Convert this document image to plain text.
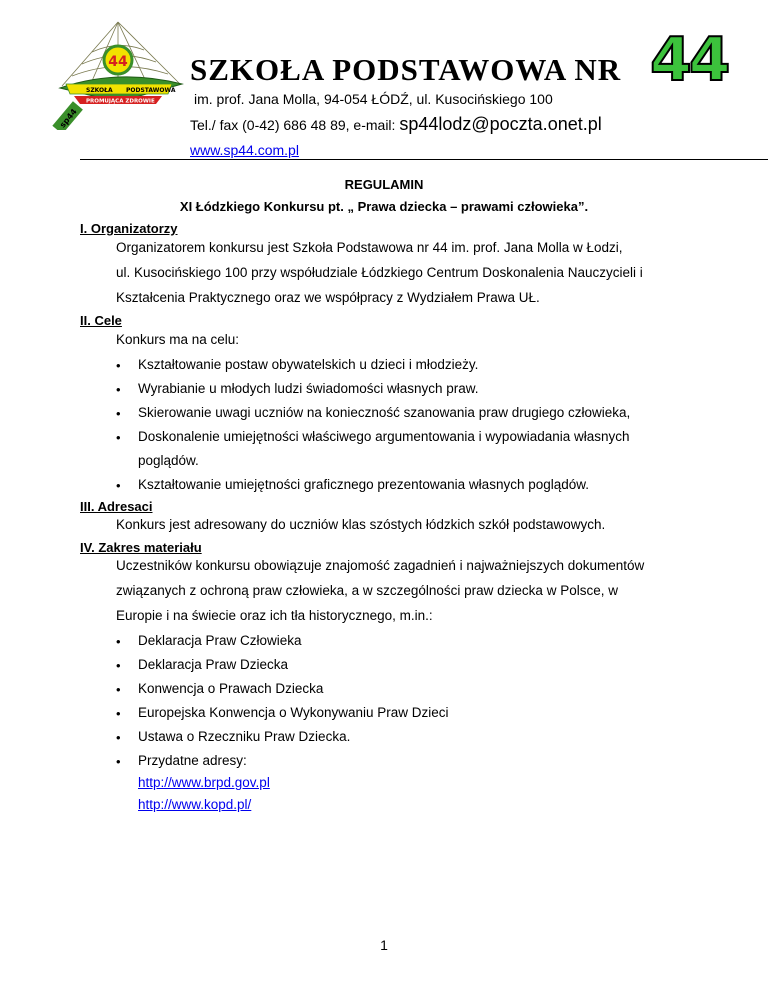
44
SZKOŁA PODSTAWOWA
PROMUJĄCA ZDROWIE
sp44
SZKOŁA PODSTAWOWA NR 44
im. prof. Jana Molla, 94-054 ŁÓDŹ, ul. Kusocińskiego 100
Tel./ fax (0-42) 686 48 89, e-mail: sp44lodz@poczta.onet.pl
www.sp44.com.pl
REGULAMIN
XI Łódzkiego Konkursu pt. „ Prawa dziecka – prawami człowieka”.
I. Organizatorzy
Organizatorem konkursu jest Szkoła Podstawowa nr 44 im. prof. Jana Molla w Łodzi,
ul. Kusocińskiego 100 przy współudziale Łódzkiego Centrum Doskonalenia Nauczycieli i
Kształcenia Praktycznego oraz we współpracy z Wydziałem Prawa UŁ.
II. Cele
Konkurs ma na celu:
• Kształtowanie postaw obywatelskich u dzieci i młodzieży.
• Wyrabianie u młodych ludzi świadomości własnych praw.
• Skierowanie uwagi uczniów na konieczność szanowania praw drugiego człowieka,
• Doskonalenie umiejętności właściwego argumentowania i wypowiadania własnych
poglądów.
• Kształtowanie umiejętności graficznego prezentowania własnych poglądów.
III. Adresaci
Konkurs jest adresowany do uczniów klas szóstych łódzkich szkół podstawowych.
IV. Zakres materiału
Uczestników konkursu obowiązuje znajomość zagadnień i najważniejszych dokumentów
związanych z ochroną praw człowieka, a w szczególności praw dziecka w Polsce, w
Europie i na świecie oraz ich tła historycznego, m.in.:
• Deklaracja Praw Człowieka
• Deklaracja Praw Dziecka
• Konwencja o Prawach Dziecka
• Europejska Konwencja o Wykonywaniu Praw Dzieci
• Ustawa o Rzeczniku Praw Dziecka.
• Przydatne adresy:
http://www.brpd.gov.pl
http://www.kopd.pl/
1
